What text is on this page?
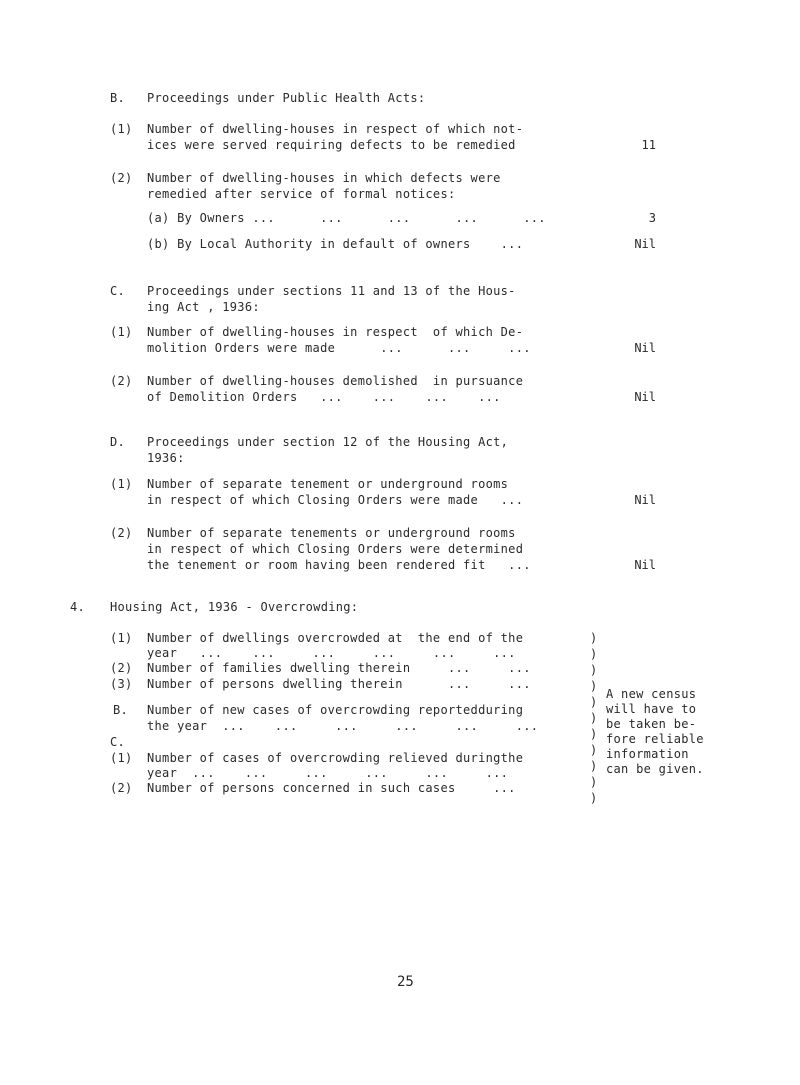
B. Proceedings under Public Health Acts:
(1) Number of dwelling-houses in respect of which not-
ices were served requiring defects to be remedied	11
(2) Number of dwelling-houses in which defects were
remedied after service of formal notices:
(a) By Owners ...      ...      ...      ...      ...	3
(b) By Local Authority in default of owners    ...	Nil
C. Proceedings under sections 11 and 13 of the Hous-
ing Act , 1936:
(1) Number of dwelling-houses in respect  of which De-
molition Orders were made      ...      ...     ...	Nil
(2) Number of dwelling-houses demolished  in pursuance
of Demolition Orders   ...    ...    ...    ...	Nil
D. Proceedings under section 12 of the Housing Act,
1936:
(1) Number of separate tenement or underground rooms
in respect of which Closing Orders were made   ...	Nil
(2) Number of separate tenements or underground rooms
in respect of which Closing Orders were determined
the tenement or room having been rendered fit   ...	Nil
4. Housing Act, 1936 - Overcrowding:
(1) Number of dwellings overcrowded at  the end of the
year   ...    ...     ...     ...     ...     ...
(2) Number of families dwelling therein     ...     ...
(3) Number of persons dwelling therein      ...     ...
B. Number of new cases of overcrowding reportedduring
the year  ...    ...     ...     ...     ...     ...
C.
(1) Number of cases of overcrowding relieved duringthe
year  ...    ...     ...     ...     ...     ...
(2) Number of persons concerned in such cases     ...
)
)
)
)
)
)
)
)
)
)
)
A new census
will have to
be taken be-
fore reliable
information
can be given.
25
